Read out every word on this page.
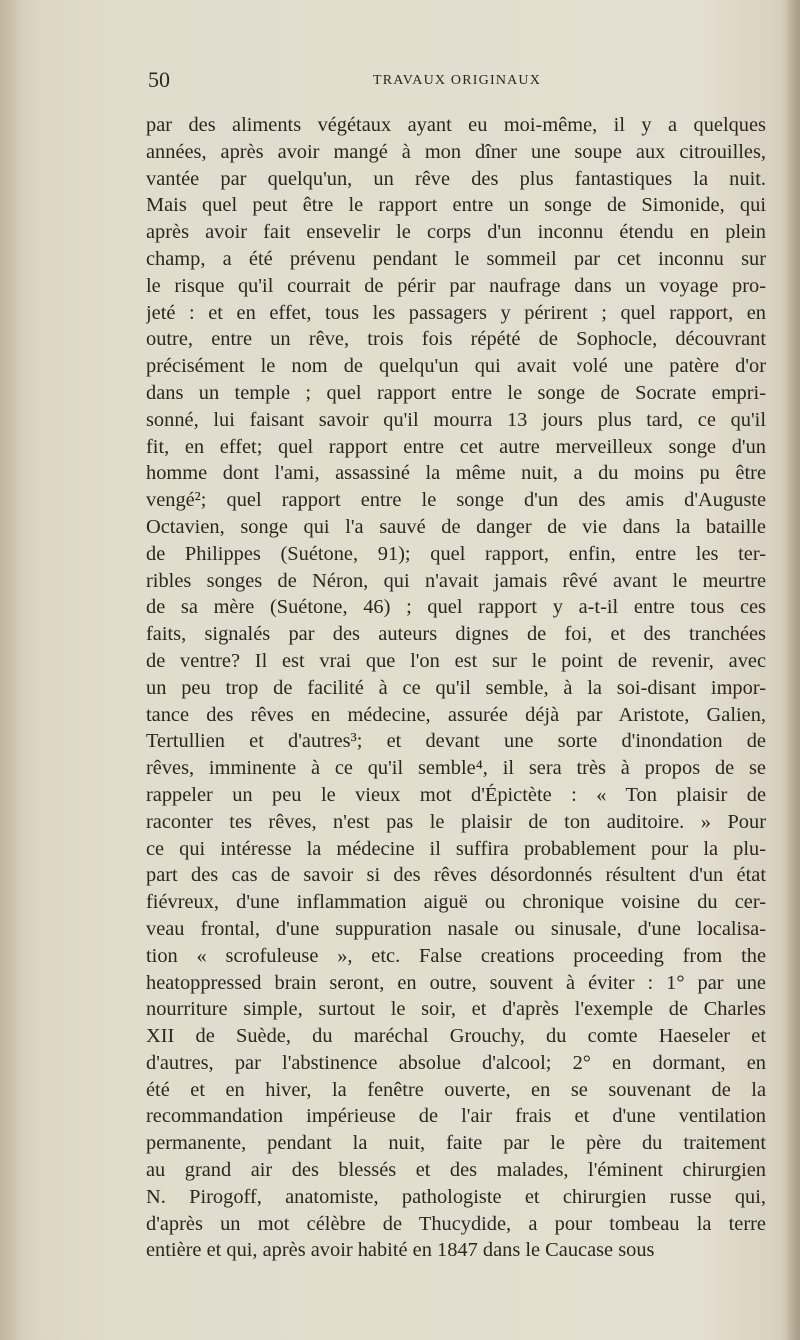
50	TRAVAUX ORIGINAUX
par des aliments végétaux ayant eu moi-même, il y a quelques
années, après avoir mangé à mon dîner une soupe aux citrouilles,
vantée par quelqu'un, un rêve des plus fantastiques la nuit.
Mais quel peut être le rapport entre un songe de Simonide, qui
après avoir fait ensevelir le corps d'un inconnu étendu en plein
champ, a été prévenu pendant le sommeil par cet inconnu sur
le risque qu'il courrait de périr par naufrage dans un voyage pro-
jeté : et en effet, tous les passagers y périrent ; quel rapport, en
outre, entre un rêve, trois fois répété de Sophocle, découvrant
précisément le nom de quelqu'un qui avait volé une patère d'or
dans un temple ; quel rapport entre le songe de Socrate empri-
sonné, lui faisant savoir qu'il mourra 13 jours plus tard, ce qu'il
fit, en effet; quel rapport entre cet autre merveilleux songe d'un
homme dont l'ami, assassiné la même nuit, a du moins pu être
vengé²; quel rapport entre le songe d'un des amis d'Auguste
Octavien, songe qui l'a sauvé de danger de vie dans la bataille
de Philippes (Suétone, 91); quel rapport, enfin, entre les ter-
ribles songes de Néron, qui n'avait jamais rêvé avant le meurtre
de sa mère (Suétone, 46) ; quel rapport y a-t-il entre tous ces
faits, signalés par des auteurs dignes de foi, et des tranchées
de ventre? Il est vrai que l'on est sur le point de revenir, avec
un peu trop de facilité à ce qu'il semble, à la soi-disant impor-
tance des rêves en médecine, assurée déjà par Aristote, Galien,
Tertullien et d'autres³; et devant une sorte d'inondation de
rêves, imminente à ce qu'il semble⁴, il sera très à propos de se
rappeler un peu le vieux mot d'Épictète : « Ton plaisir de
raconter tes rêves, n'est pas le plaisir de ton auditoire. » Pour
ce qui intéresse la médecine il suffira probablement pour la plu-
part des cas de savoir si des rêves désordonnés résultent d'un état
fiévreux, d'une inflammation aiguë ou chronique voisine du cer-
veau frontal, d'une suppuration nasale ou sinusale, d'une localisa-
tion « scrofuleuse », etc. False creations proceeding from the
heatoppressed brain seront, en outre, souvent à éviter : 1° par une
nourriture simple, surtout le soir, et d'après l'exemple de Charles
XII de Suède, du maréchal Grouchy, du comte Haeseler et
d'autres, par l'abstinence absolue d'alcool; 2° en dormant, en
été et en hiver, la fenêtre ouverte, en se souvenant de la
recommandation impérieuse de l'air frais et d'une ventilation
permanente, pendant la nuit, faite par le père du traitement
au grand air des blessés et des malades, l'éminent chirurgien
N. Pirogoff, anatomiste, pathologiste et chirurgien russe qui,
d'après un mot célèbre de Thucydide, a pour tombeau la terre
entière et qui, après avoir habité en 1847 dans le Caucase sous
